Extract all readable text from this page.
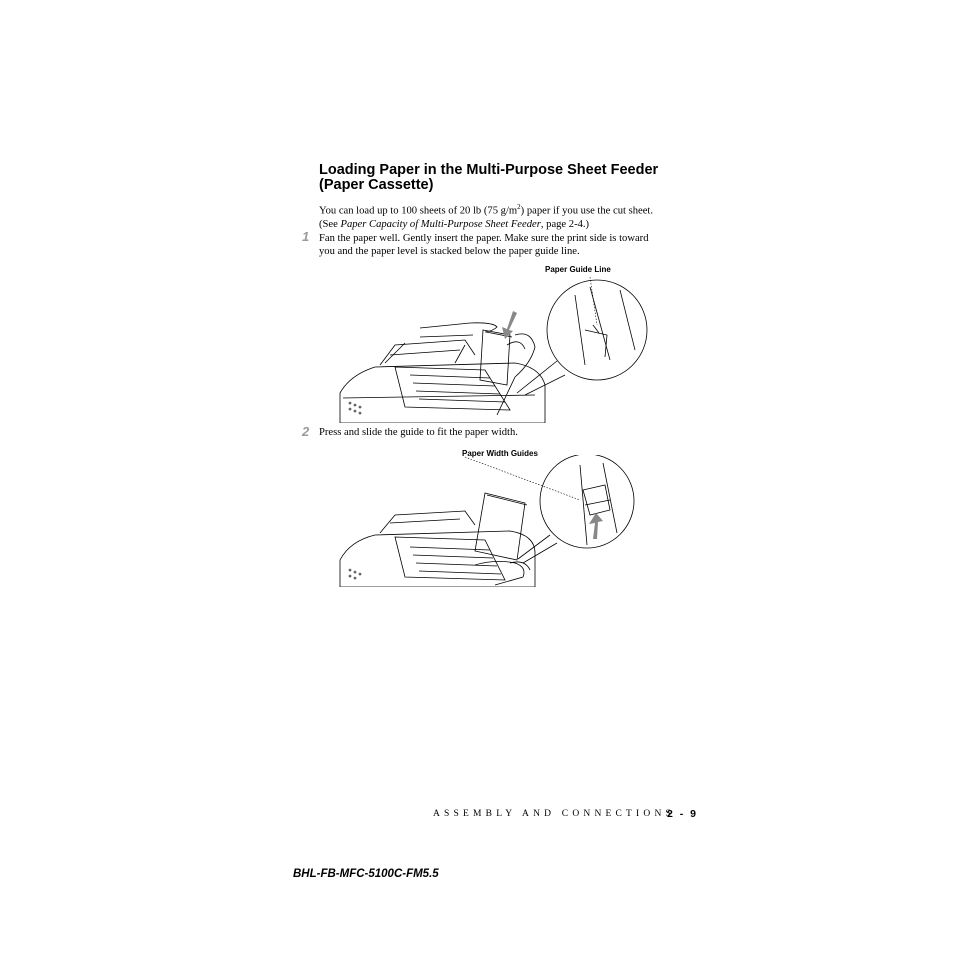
Loading Paper in the Multi-Purpose Sheet Feeder
(Paper Cassette)
You can load up to 100 sheets of 20 lb (75 $g/m^2$) paper if you use the cut sheet.
(See Paper Capacity of Multi-Purpose Sheet Feeder, page 2-4.)
1 Fan the paper well. Gently insert the paper. Make sure the print side is toward
you and the paper level is stacked below the paper guide line.
Paper Guide Line
2 Press and slide the guide to fit the paper width.
Paper Width Guides
ASSEMBLY AND CONNECTIONS
2 - 9
BHL-FB-MFC-5100C-FM5.5
